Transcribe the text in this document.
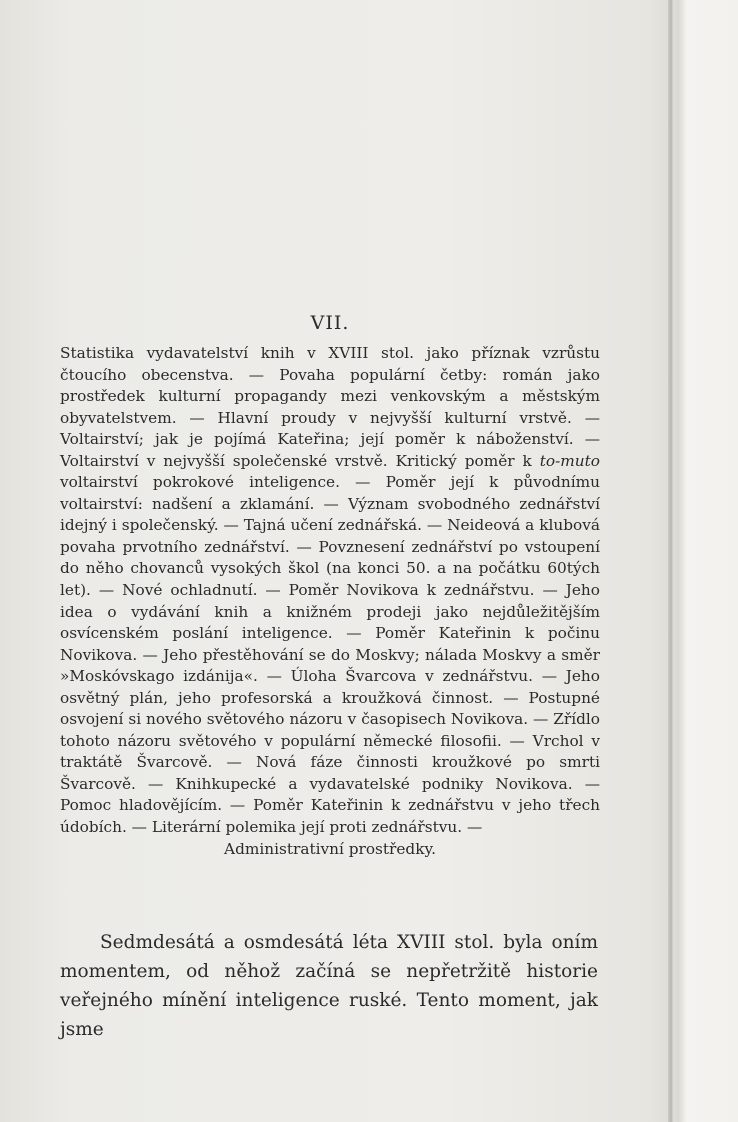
VII.

Statistika vydavatelství knih v XVIII stol. jako příznak vzrůstu čtoucího obecenstva. — Povaha populární četby: román jako prostředek kulturní propagandy mezi venkovským a městským obyvatelstvem. — Hlavní proudy v nejvyšší kulturní vrstvě. — Voltairství; jak je pojímá Kateřina; její poměr k náboženství. — Voltairství v nejvyšší společenské vrstvě. Kritický poměr k to-muto voltairství pokrokové inteligence. — Poměr její k původnímu voltairství: nadšení a zklamání. — Význam svobodného zednářství idejný i společenský. — Tajná učení zednářská. — Neideová a klubová povaha prvotního zednářství. — Povznesení zednářství po vstoupení do něho chovanců vysokých škol (na konci 50. a na počátku 60tých let). — Nové ochladnutí. — Poměr Novikova k zednářstvu. — Jeho idea o vydávání knih a knižném prodeji jako nejdůležitějším osvícenském poslání inteligence. — Poměr Kateřinin k počinu Novikova. — Jeho přestěhování se do Moskvy; nálada Moskvy a směr »Moskóvskago izdánija«. — Úloha Švarcova v zednářstvu. — Jeho osvětný plán, jeho profesorská a kroužková činnost. — Postupné osvojení si nového světového názoru v časopisech Novikova. — Zřídlo tohoto názoru světového v populární německé filosofii. — Vrchol v traktátě Švarcově. — Nová fáze činnosti kroužkové po smrti Švarcově. — Knihkupecké a vydavatelské podniky Novikova. — Pomoc hladovějícím. — Poměr Kateřinin k zednářstvu v jeho třech údobích. — Literární polemika její proti zednářstvu. —

Administrativní prostředky.

Sedmdesátá a osmdesátá léta XVIII stol. byla oním momentem, od něhož začíná se nepřetržitě historie veřejného mínění inteligence ruské. Tento moment, jak jsme
